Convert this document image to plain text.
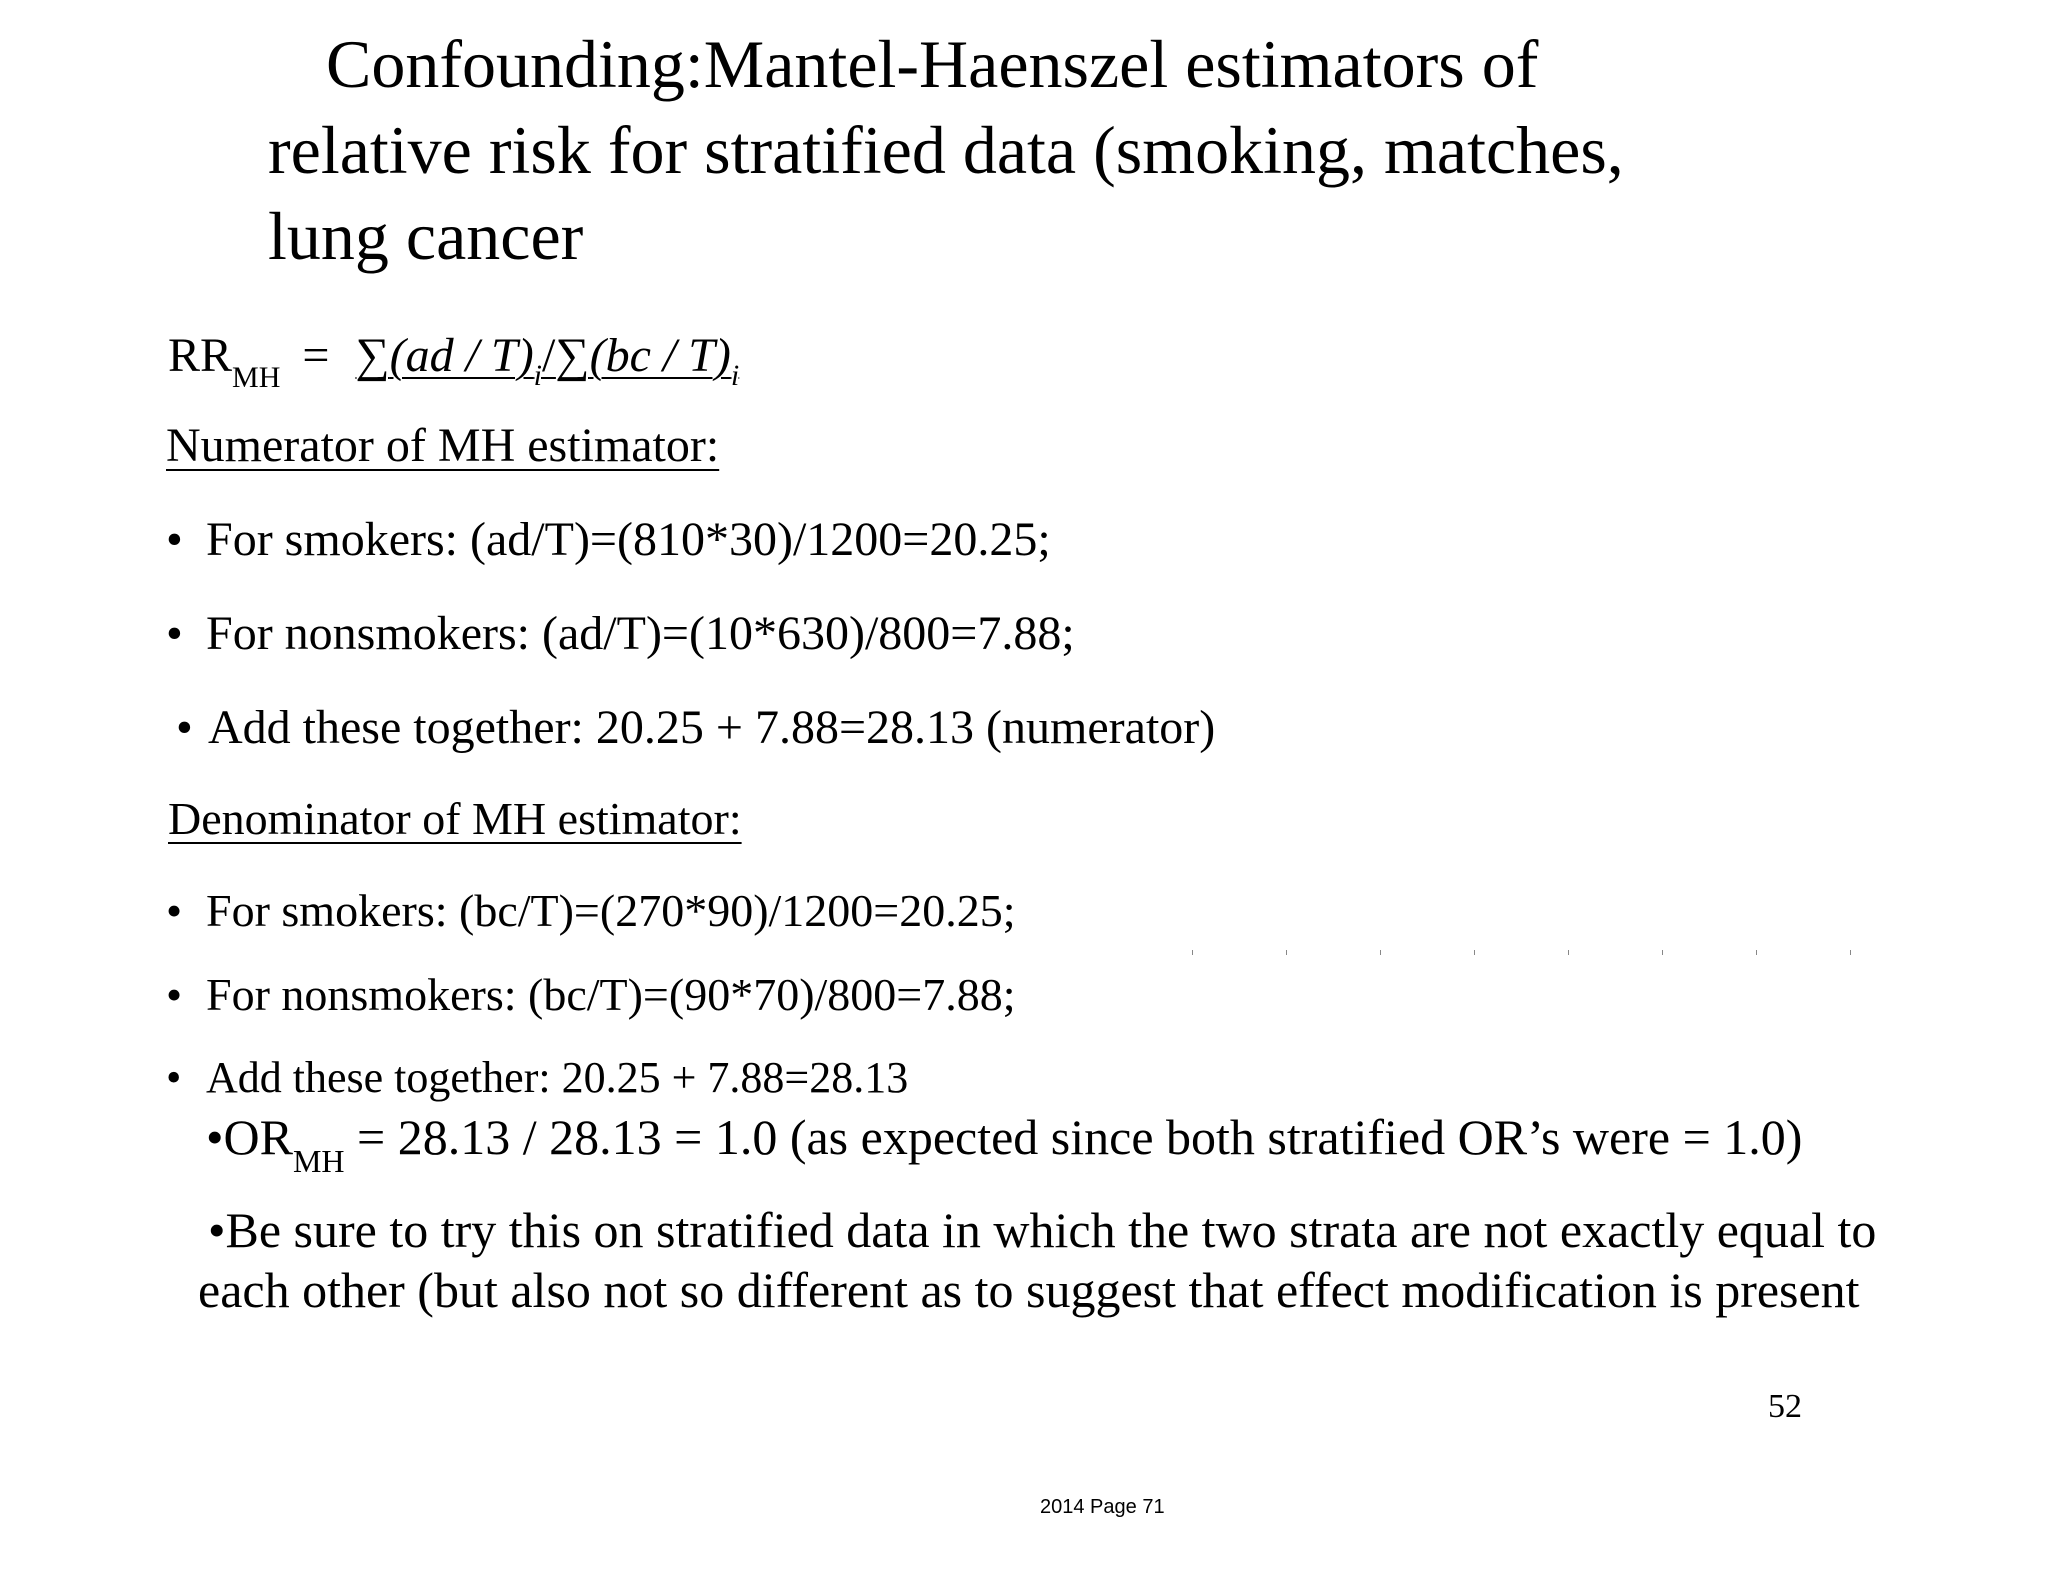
Confounding:Mantel-Haenszel estimators of
relative risk for stratified data (smoking, matches,
lung cancer
$RR_{MH} = \sum(ad / T)_i/\sum(bc / T)_i$
Numerator of MH estimator:
• For smokers: (ad/T)=(810*30)/1200=20.25;
• For nonsmokers: (ad/T)=(10*630)/800=7.88;
• Add these together: 20.25 + 7.88=28.13 (numerator)
Denominator of MH estimator:
• For smokers: (bc/T)=(270*90)/1200=20.25;
• For nonsmokers: (bc/T)=(90*70)/800=7.88;
• Add these together: 20.25 + 7.88=28.13
$•OR_{MH} = 28.13 / 28.13 = 1.0$ (as expected since both stratified OR’s were = 1.0)
•Be sure to try this on stratified data in which the two strata are not exactly equal to each other (but also not so different as to suggest that effect modification is present
52
2014 Page 71
